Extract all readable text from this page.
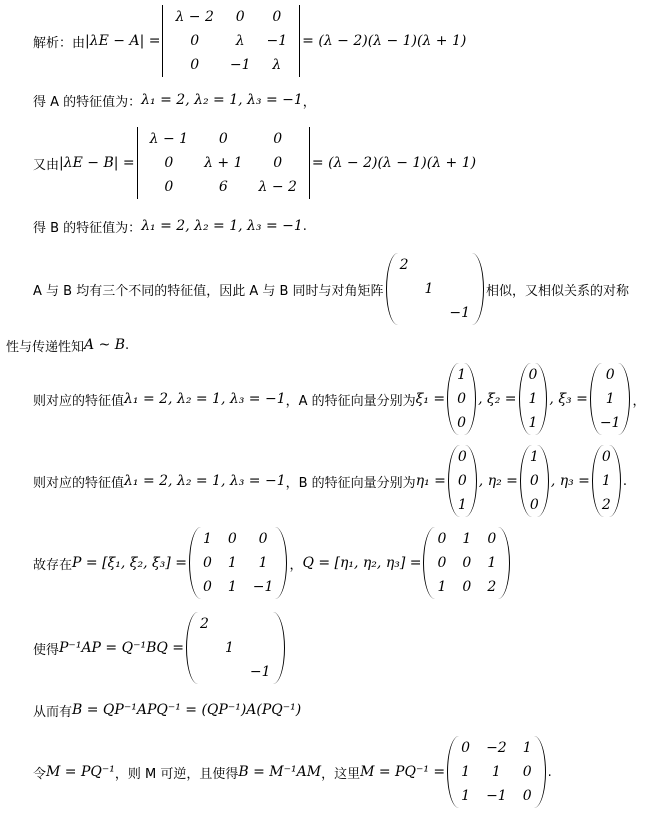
解析：由 |λE − A| =
λ − 2	0	0
0	λ	−1
0	−1	λ
= (λ − 2)(λ − 1)(λ + 1)
得 A 的特征值为： λ₁ = 2, λ₂ = 1, λ₃ = −1 ，
又由 |λE − B| =
λ − 1	0	0
0	λ + 1	0
0	6	λ − 2
= (λ − 2)(λ − 1)(λ + 1)
得 B 的特征值为： λ₁ = 2, λ₂ = 1, λ₃ = −1 .
A 与 B 均有三个不同的特征值，因此 A 与 B 同时与对角矩阵
2		
	1	
		−1
相似，又相似关系的对称
性与传递性知 A ~ B .
则对应的特征值 λ₁ = 2, λ₂ = 1, λ₃ = −1 ，A 的特征向量分别为 ξ₁ =
1
0
0
, ξ₂ =
0
1
1
, ξ₃ =
0
1
−1
，
则对应的特征值 λ₁ = 2, λ₂ = 1, λ₃ = −1 ，B 的特征向量分别为 η₁ =
0
0
1
, η₂ =
1
0
0
, η₃ =
0
1
2
.
故存在 P = [ξ₁, ξ₂, ξ₃] =
1	0	0
0	1	1
0	1	−1
， Q = [η₁, η₂, η₃] =
0	1	0
0	0	1
1	0	2
使得 P⁻¹AP = Q⁻¹BQ =
2		
	1	
		−1
从而有 B = QP⁻¹APQ⁻¹ = (QP⁻¹)A(PQ⁻¹)
令 M = PQ⁻¹ ，则 M 可逆，且使得 B = M⁻¹AM ，这里 M = PQ⁻¹ =
0	−2	1
1	1	0
1	−1	0
.
